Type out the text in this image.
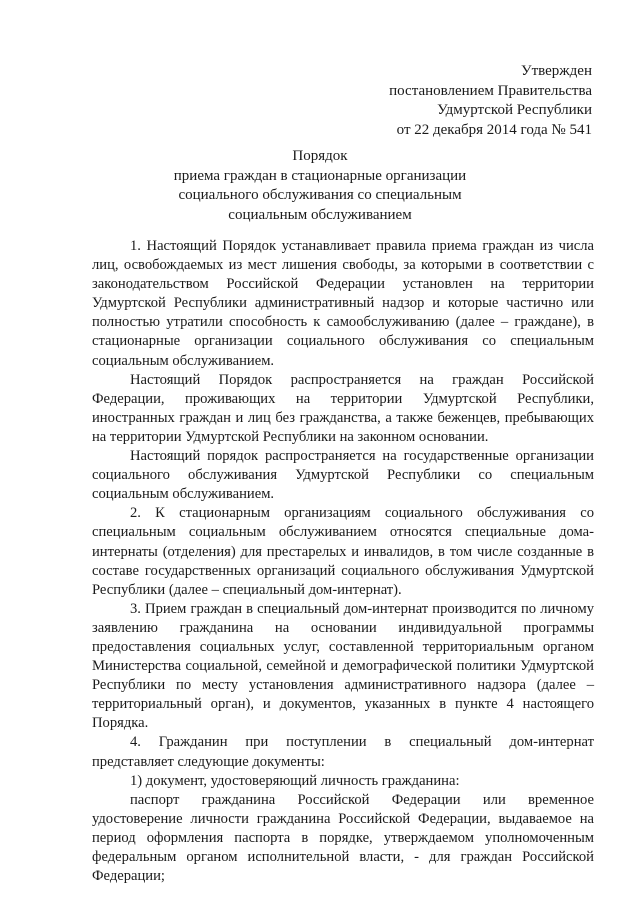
Утвержден
постановлением Правительства
Удмуртской Республики
от 22 декабря 2014 года № 541
Порядок
приема граждан в стационарные организации
социального обслуживания со специальным
социальным обслуживанием

1. Настоящий Порядок устанавливает правила приема граждан из числа лиц, освобождаемых из мест лишения свободы, за которыми в соответствии с законодательством Российской Федерации установлен на территории Удмуртской Республики административный надзор и которые частично или полностью утратили способность к самообслуживанию (далее – граждане), в стационарные организации социального обслуживания со специальным социальным обслуживанием.

Настоящий Порядок распространяется на граждан Российской Федерации, проживающих на территории Удмуртской Республики, иностранных граждан и лиц без гражданства, а также беженцев, пребывающих на территории Удмуртской Республики на законном основании.

Настоящий порядок распространяется на государственные организации социального обслуживания Удмуртской Республики со специальным социальным обслуживанием.

2. К стационарным организациям социального обслуживания со специальным социальным обслуживанием относятся специальные дома-интернаты (отделения) для престарелых и инвалидов, в том числе созданные в составе государственных организаций социального обслуживания Удмуртской Республики (далее – специальный дом-интернат).

3. Прием граждан в специальный дом-интернат производится по личному заявлению гражданина на основании индивидуальной программы предоставления социальных услуг, составленной территориальным органом Министерства социальной, семейной и демографической политики Удмуртской Республики по месту установления административного надзора (далее – территориальный орган), и документов, указанных в пункте 4 настоящего Порядка.

4. Гражданин при поступлении в специальный дом-интернат представляет следующие документы:

1) документ, удостоверяющий личность гражданина:

паспорт гражданина Российской Федерации или временное удостоверение личности гражданина Российской Федерации, выдаваемое на период оформления паспорта в порядке, утверждаемом уполномоченным федеральным органом исполнительной власти, - для граждан Российской Федерации;
